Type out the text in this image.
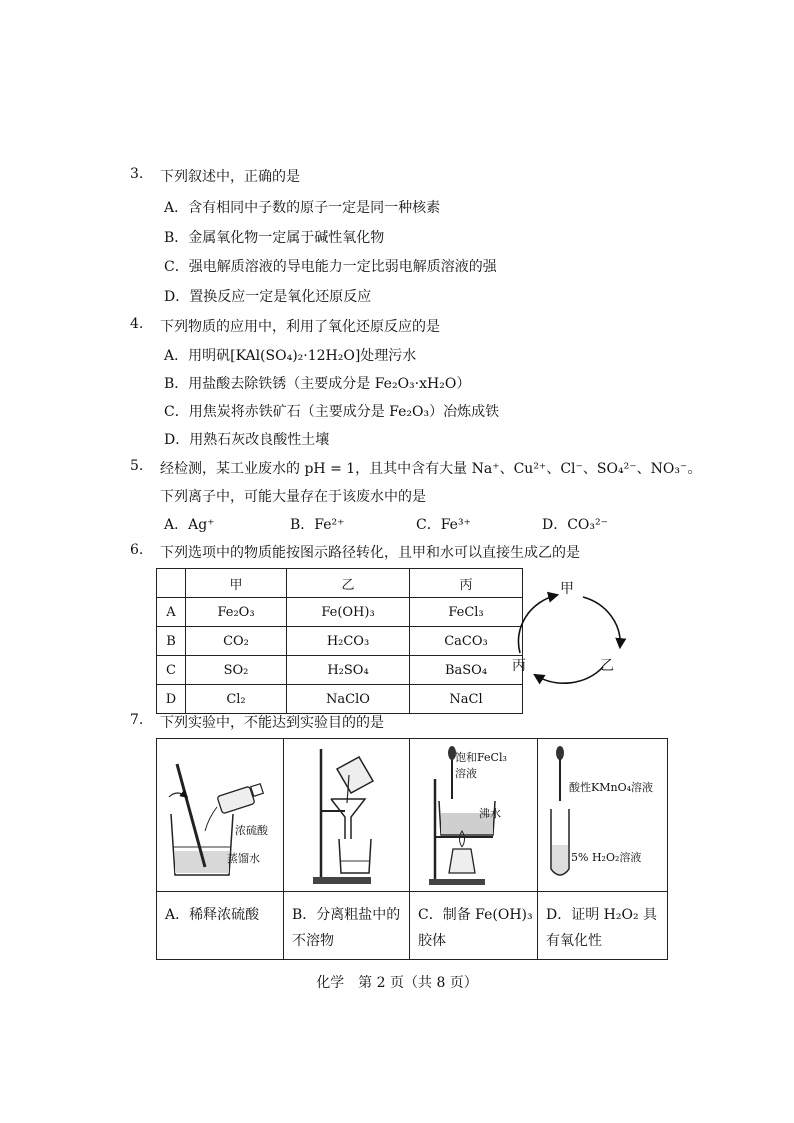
3. 下列叙述中，正确的是
A．含有相同中子数的原子一定是同一种核素
B．金属氧化物一定属于碱性氧化物
C．强电解质溶液的导电能力一定比弱电解质溶液的强
D．置换反应一定是氧化还原反应
4. 下列物质的应用中，利用了氧化还原反应的是
A．用明矾[KAl(SO₄)₂·12H₂O]处理污水
B．用盐酸去除铁锈（主要成分是 Fe₂O₃·xH₂O）
C．用焦炭将赤铁矿石（主要成分是 Fe₂O₃）冶炼成铁
D．用熟石灰改良酸性土壤
5. 经检测，某工业废水的 pH = 1，且其中含有大量 Na⁺、Cu²⁺、Cl⁻、SO₄²⁻、NO₃⁻。
下列离子中，可能大量存在于该废水中的是
A．Ag⁺	B．Fe²⁺	C．Fe³⁺	D．CO₃²⁻
6. 下列选项中的物质能按图示路径转化，且甲和水可以直接生成乙的是
	甲	乙	丙
A	Fe₂O₃	Fe(OH)₃	FeCl₃
B	CO₂	H₂CO₃	CaCO₃
C	SO₂	H₂SO₄	BaSO₄
D	Cl₂	NaClO	NaCl
甲
乙
丙
7. 下列实验中，不能达到实验目的的是
浓硫酸
蒸馏水
饱和FeCl₃
溶液
沸水
酸性KMnO₄溶液
5% H₂O₂溶液
A．稀释浓硫酸	B．分离粗盐中的
不溶物
C．制备 Fe(OH)₃
胶体
D．证明 H₂O₂ 具
有氧化性
化学　第 2 页（共 8 页）
